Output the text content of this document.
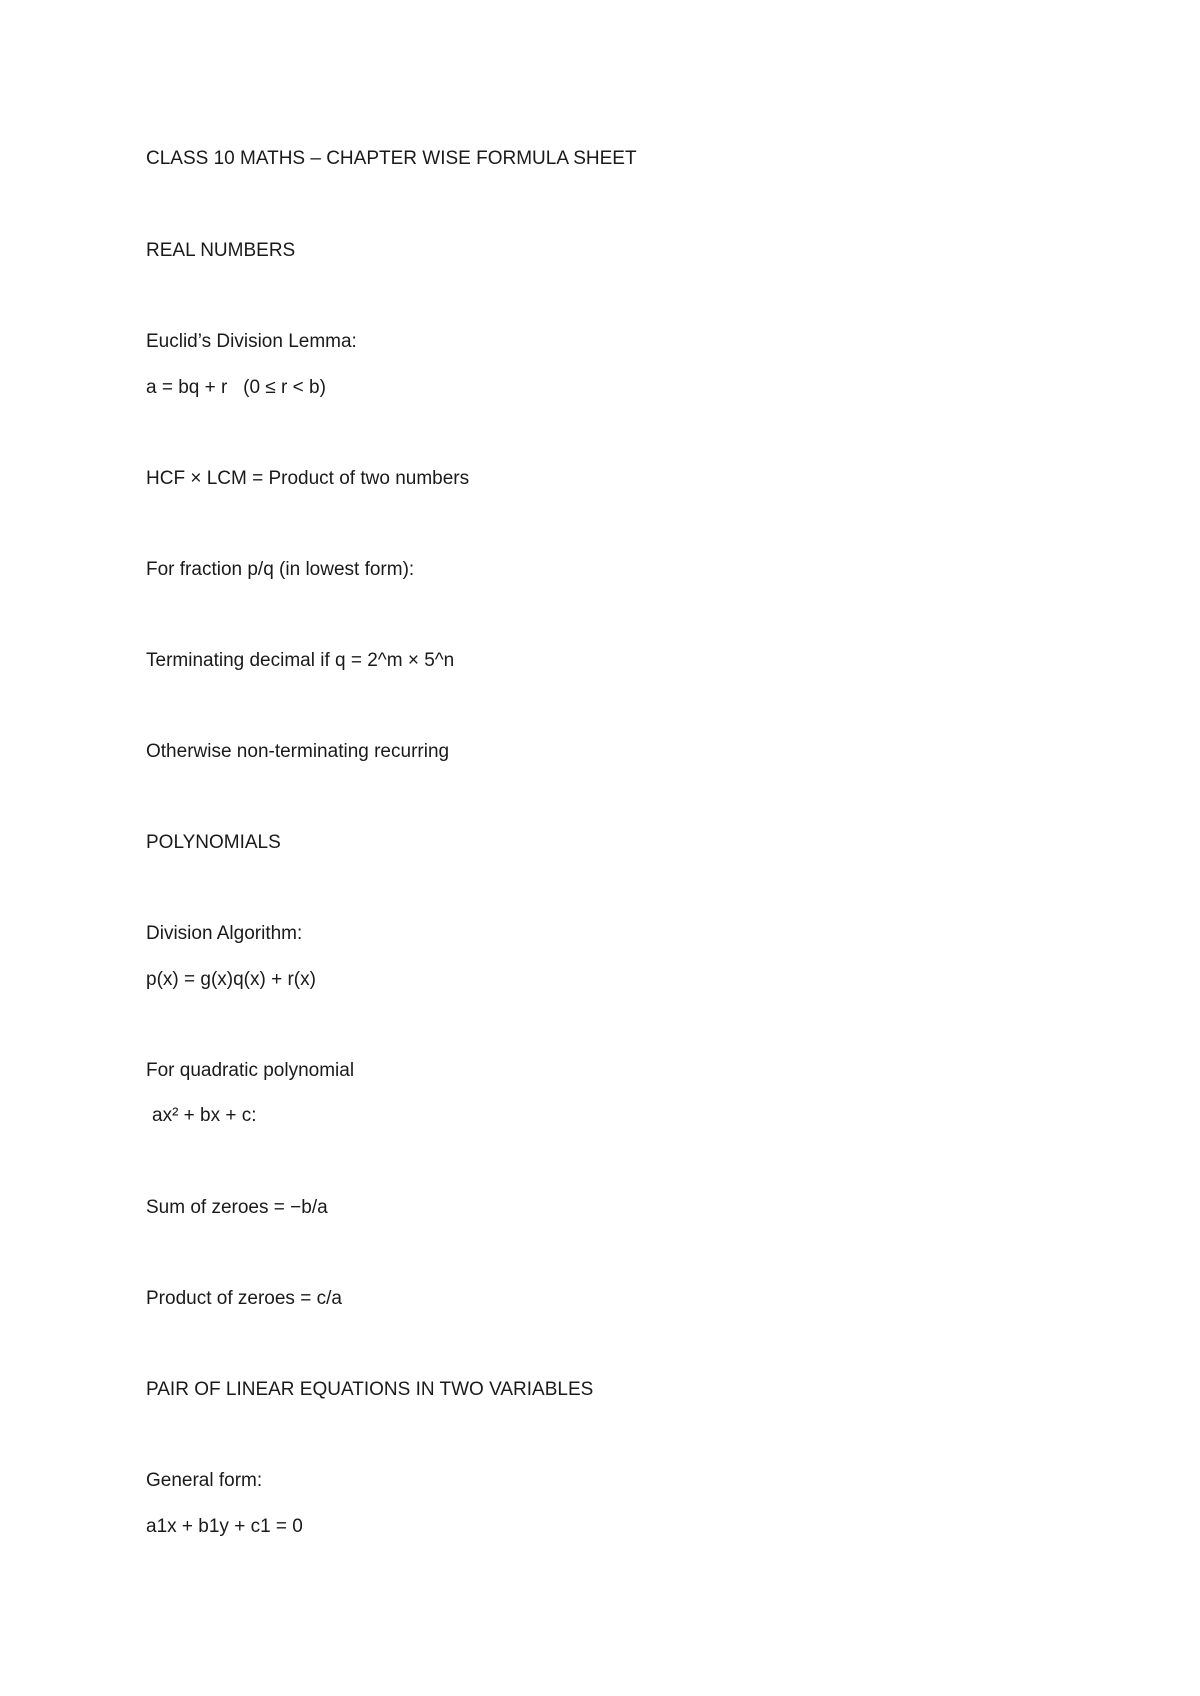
CLASS 10 MATHS – CHAPTER WISE FORMULA SHEET
REAL NUMBERS

Euclid’s Division Lemma:

a = bq + r   (0 ≤ r < b)

HCF × LCM = Product of two numbers

For fraction p/q (in lowest form):

Terminating decimal if q = 2^m × 5^n

Otherwise non-terminating recurring

POLYNOMIALS

Division Algorithm:

p(x) = g(x)q(x) + r(x)

For quadratic polynomial

ax² + bx + c:

Sum of zeroes = −b/a

Product of zeroes = c/a

PAIR OF LINEAR EQUATIONS IN TWO VARIABLES

General form:

a1x + b1y + c1 = 0
